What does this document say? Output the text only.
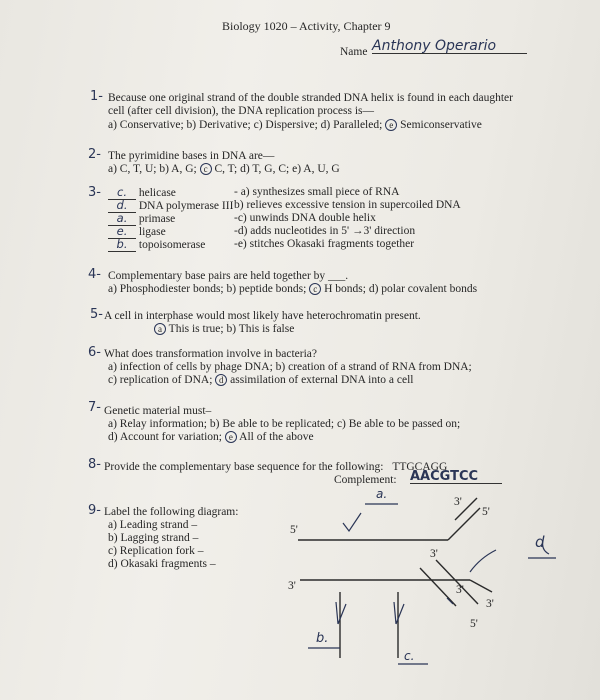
Biology 1020 – Activity, Chapter 9
Name Anthony Operario
1- Because one original strand of the double stranded DNA helix is found in each daughter
cell (after cell division), the DNA replication process is—
a) Conservative; b) Derivative; c) Dispersive; d) Paralleled; e Semiconservative
2- The pyrimidine bases in DNA are—
a) C, T, U; b) A, G; c C, T; d) T, G, C; e) A, U, G
3-	c. helicase
d. DNA polymerase III
a. primase
e. ligase
b. topoisomerase
- a) synthesizes small piece of RNA
b) relieves excessive tension in supercoiled DNA
-c) unwinds DNA double helix
-d) adds nucleotides in 5' →3' direction
-e) stitches Okasaki fragments together
4- Complementary base pairs are held together by ___.
a) Phosphodiester bonds; b) peptide bonds; c H bonds; d) polar covalent bonds
5- A cell in interphase would most likely have heterochromatin present.
a This is true; b) This is false
6- What does transformation involve in bacteria?
a) infection of cells by phage DNA; b) creation of a strand of RNA from DNA;
c) replication of DNA; d assimilation of external DNA into a cell
7- Genetic material must–
a) Relay information; b) Be able to be replicated; c) Be able to be passed on;
d) Account for variation; e All of the above
8- Provide the complementary base sequence for the following: TTGCAGG
Complement: AACGTCC
9- Label the following diagram:
a) Leading strand –
b) Lagging strand –
c) Replication fork –
d) Okasaki fragments –
3'
5'
5'
3'
3'	3'
3'
5'
a.
b.
c.
d
